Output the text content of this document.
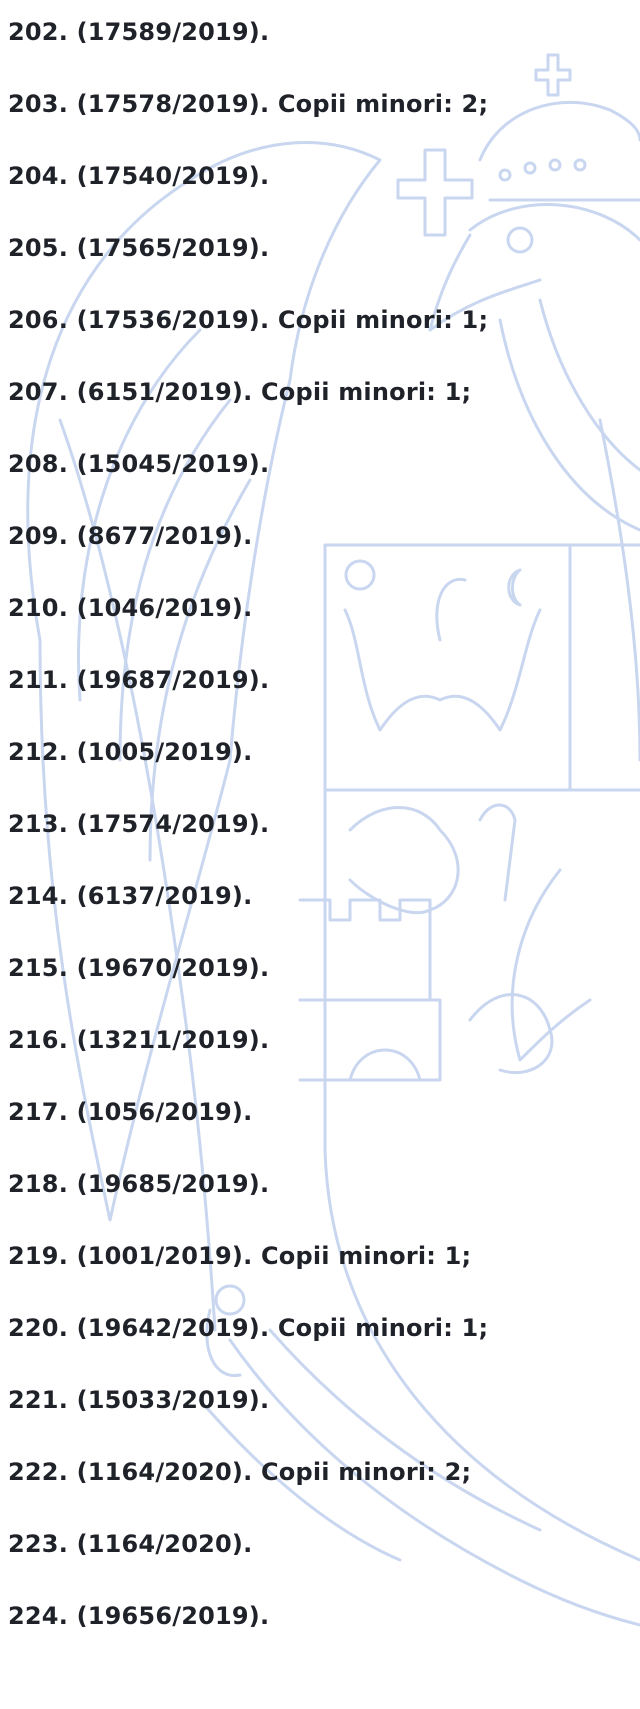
202. (17589/2019).
203. (17578/2019). Copii minori: 2;
204. (17540/2019).
205. (17565/2019).
206. (17536/2019). Copii minori: 1;
207. (6151/2019). Copii minori: 1;
208. (15045/2019).
209. (8677/2019).
210. (1046/2019).
211. (19687/2019).
212. (1005/2019).
213. (17574/2019).
214. (6137/2019).
215. (19670/2019).
216. (13211/2019).
217. (1056/2019).
218. (19685/2019).
219. (1001/2019). Copii minori: 1;
220. (19642/2019). Copii minori: 1;
221. (15033/2019).
222. (1164/2020). Copii minori: 2;
223. (1164/2020).
224. (19656/2019).
